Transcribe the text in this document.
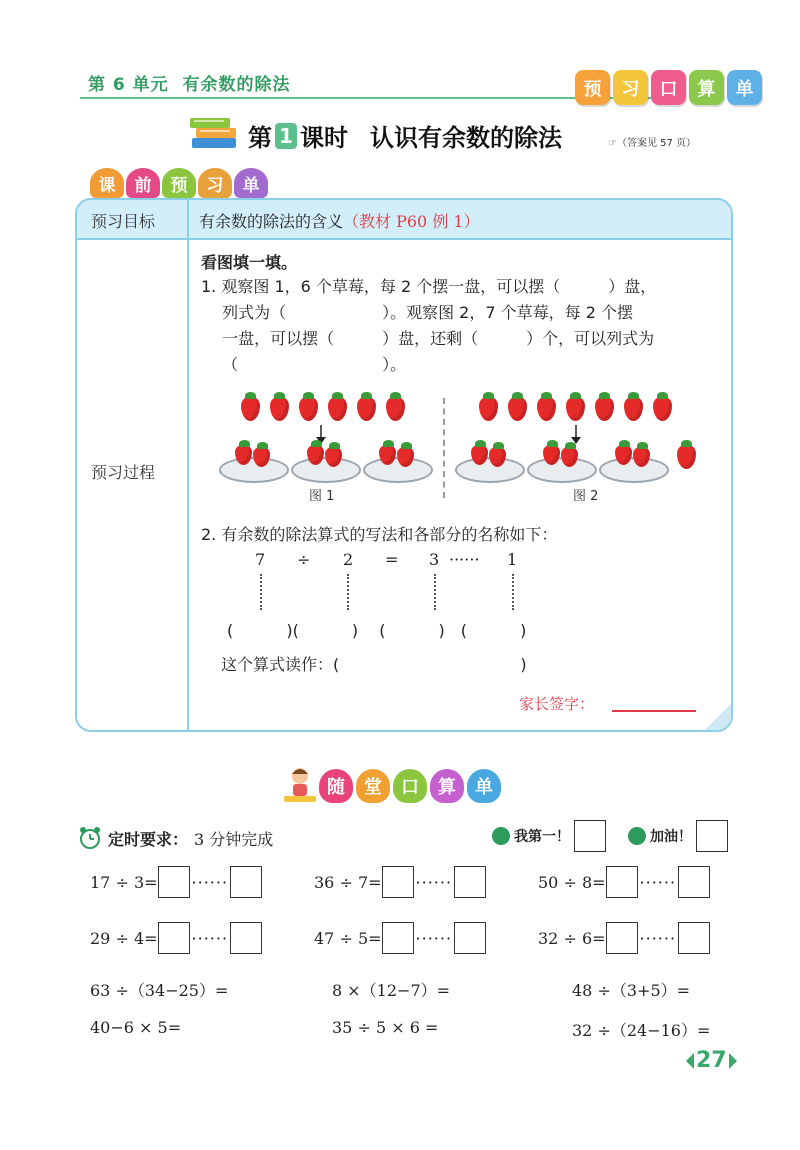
第 6 单元 有余数的除法	预	习	口	算	单
第 1 课时 认识有余数的除法	☞（答案见 57 页）
课	前	预	习	单
预习目标	有余数的除法的含义（教材 P60 例 1）
预习过程
看图填一填。
1. 观察图 1，6 个草莓，每 2 个摆一盘，可以摆（　　　）盘，
　 列式为（　　　　　　）。观察图 2，7 个草莓，每 2 个摆
　 一盘，可以摆（　　　）盘，还剩（　　　）个，可以列式为
　 （　　　　　　　　　）。
图 1	图 2
2. 有余数的除法算式的写法和各部分的名称如下：
7 ÷ 2 = 3 ······ 1
(　　　 )(　　　 )　 (　　　 )　(　　　 )
这个算式读作：(　　　　　　　　　　　 )
家长签字：
随	堂	口	算	单
定时要求： 3 分钟完成	我第一！	加油！
17 ÷ 3= ······	36 ÷ 7= ······	50 ÷ 8= ······
29 ÷ 4= ······	47 ÷ 5= ······	32 ÷ 6= ······
63 ÷（34−25）=	8 ×（12−7）=	48 ÷（3+5）=
40−6 × 5=	35 ÷ 5 × 6 =	32 ÷（24−16）=
27
